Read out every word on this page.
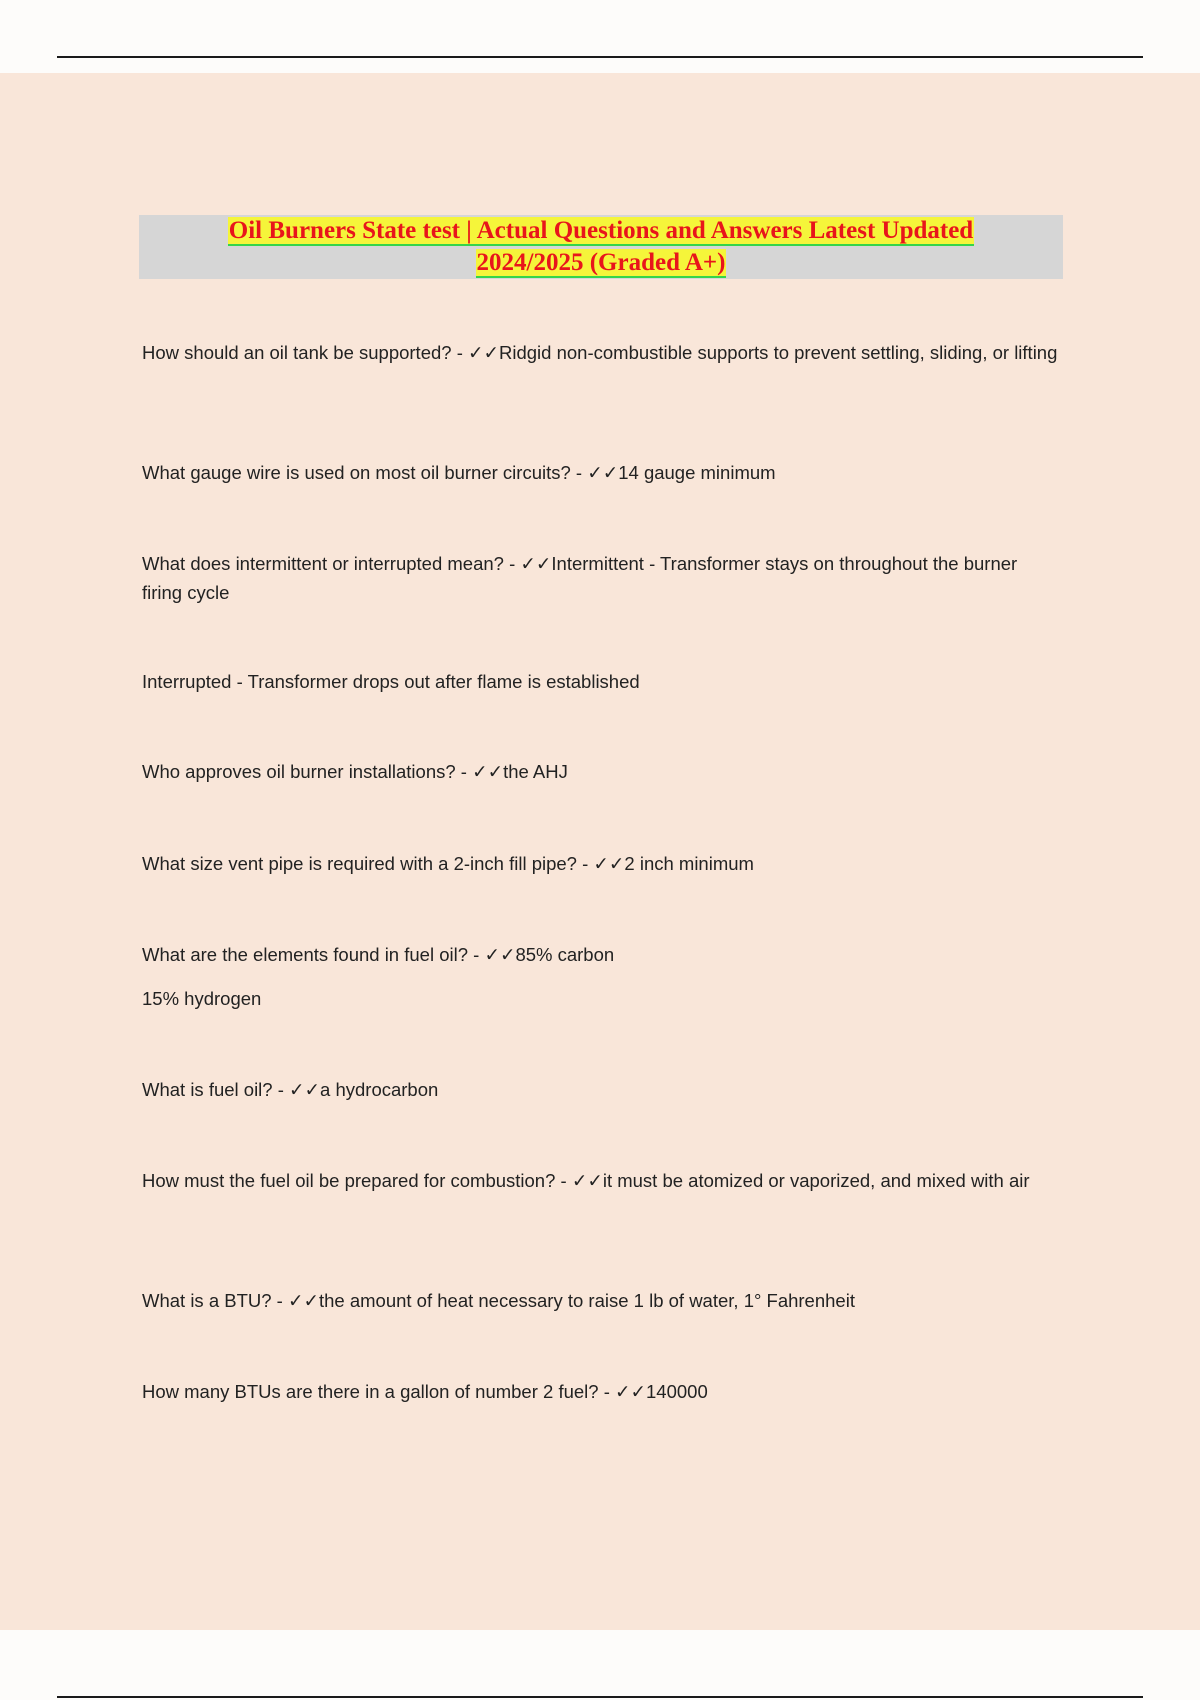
Oil Burners State test | Actual Questions and Answers Latest Updated
2024/2025 (Graded A+)

How should an oil tank be supported? - ✓✓Ridgid non-combustible supports to prevent settling, sliding, or lifting

What gauge wire is used on most oil burner circuits? - ✓✓14 gauge minimum

What does intermittent or interrupted mean? - ✓✓Intermittent - Transformer stays on throughout the burner firing cycle

Interrupted - Transformer drops out after flame is established

Who approves oil burner installations? - ✓✓the AHJ

What size vent pipe is required with a 2-inch fill pipe? - ✓✓2 inch minimum

What are the elements found in fuel oil? - ✓✓85% carbon

15% hydrogen

What is fuel oil? - ✓✓a hydrocarbon

How must the fuel oil be prepared for combustion? - ✓✓it must be atomized or vaporized, and mixed with air

What is a BTU? - ✓✓the amount of heat necessary to raise 1 lb of water, 1° Fahrenheit

How many BTUs are there in a gallon of number 2 fuel? - ✓✓140000
